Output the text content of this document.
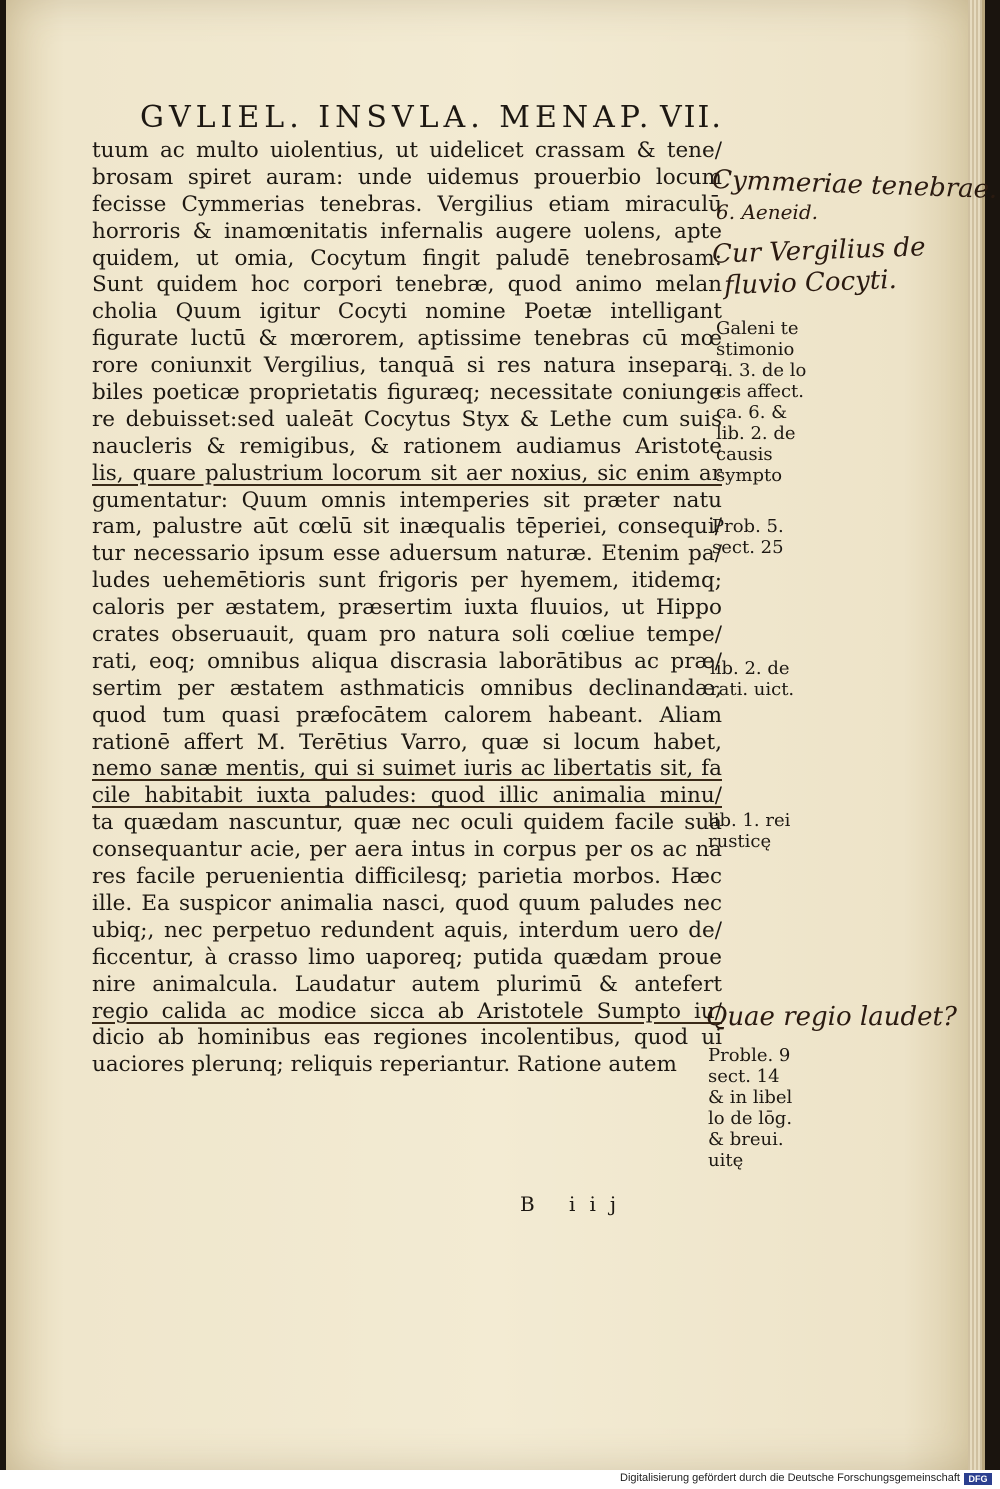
GVLIEL. INSVLA. MENAP. VII.
tuum ac multo uiolentius, ut uidelicet crassam & tene/
brosam spiret auram: unde uidemus prouerbio locum
fecisse Cymmerias tenebras. Vergilius etiam miraculū
horroris & inamœnitatis infernalis augere uolens, apte
quidem, ut omia, Cocytum fingit paludē tenebrosam:
Sunt quidem hoc corpori tenebræ, quod animo melan
cholia Quum igitur Cocyti nomine Poetæ intelligant
figurate luctū & mœrorem, aptissime tenebras cū mœ
rore coniunxit Vergilius, tanquā si res natura insepara
biles poeticæ proprietatis figuræq; necessitate coniunge
re debuisset:sed ualeāt Cocytus Styx & Lethe cum suis
naucleris & remigibus, & rationem audiamus Aristote
lis, quare palustrium locorum sit aer noxius, sic enim ar
gumentatur: Quum omnis intemperies sit præter natu
ram, palustre aūt cœlū sit inæqualis tēperiei, consequi/
tur necessario ipsum esse aduersum naturæ. Etenim pa/
ludes uehemētioris sunt frigoris per hyemem, itidemq;
caloris per æstatem, præsertim iuxta fluuios, ut Hippo
crates obseruauit, quam pro natura soli cœliue tempe/
rati, eoq; omnibus aliqua discrasia laborātibus ac præ/
sertim per æstatem asthmaticis omnibus declinandæ,
quod tum quasi præfocātem calorem habeant. Aliam
rationē affert M. Terētius Varro, quæ si locum habet,
nemo sanæ mentis, qui si suimet iuris ac libertatis sit, fa
cile habitabit iuxta paludes: quod illic animalia minu/
ta quædam nascuntur, quæ nec oculi quidem facile sua
consequantur acie, per aera intus in corpus per os ac na
res facile peruenientia difficilesq; parietia morbos. Hæc
ille. Ea suspicor animalia nasci, quod quum paludes nec
ubiq;, nec perpetuo redundent aquis, interdum uero de/
ficcentur, à crasso limo uaporeq; putida quædam proue
nire animalcula. Laudatur autem plurimū & antefert
regio calida ac modice sicca ab Aristotele Sumpto iu/
dicio ab hominibus eas regiones incolentibus, quod ui
uaciores plerunq; reliquis reperiantur. Ratione autem
B iij
Galeni te
stimonio
li. 3. de lo
cis affect.
ca. 6. &
lib. 2. de
causis
sympto
Prob. 5.
sect. 25
lib. 2. de
rati. uict.
lib. 1. rei
rusticę
Proble. 9
sect. 14
& in libel
lo de lōg.
& breui.
uitę
Cymmeriae tenebrae.
6. Aeneid.
Cur Vergilius de
fluvio Cocyti.
Quae regio laudet?
Digitalisierung gefördert durch die Deutsche Forschungsgemeinschaft DFG
